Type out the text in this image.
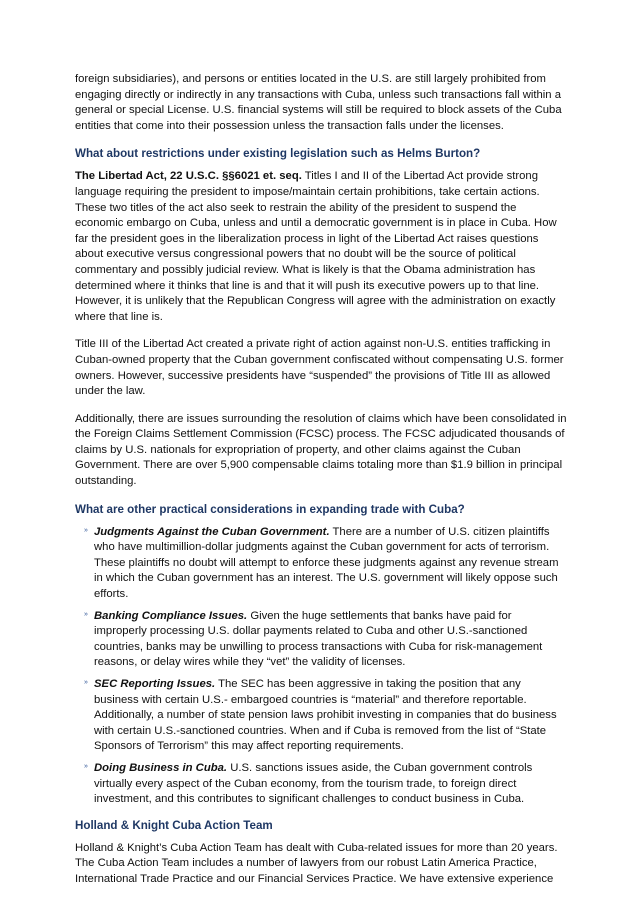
foreign subsidiaries), and persons or entities located in the U.S. are still largely prohibited from engaging directly or indirectly in any transactions with Cuba, unless such transactions fall within a general or special License. U.S. financial systems will still be required to block assets of the Cuba entities that come into their possession unless the transaction falls under the licenses.

What about restrictions under existing legislation such as Helms Burton?

The Libertad Act, 22 U.S.C. §§6021 et. seq. Titles I and II of the Libertad Act provide strong language requiring the president to impose/maintain certain prohibitions, take certain actions. These two titles of the act also seek to restrain the ability of the president to suspend the economic embargo on Cuba, unless and until a democratic government is in place in Cuba. How far the president goes in the liberalization process in light of the Libertad Act raises questions about executive versus congressional powers that no doubt will be the source of political commentary and possibly judicial review. What is likely is that the Obama administration has determined where it thinks that line is and that it will push its executive powers up to that line. However, it is unlikely that the Republican Congress will agree with the administration on exactly where that line is.

Title III of the Libertad Act created a private right of action against non-U.S. entities trafficking in Cuban-owned property that the Cuban government confiscated without compensating U.S. former owners. However, successive presidents have “suspended” the provisions of Title III as allowed under the law.

Additionally, there are issues surrounding the resolution of claims which have been consolidated in the Foreign Claims Settlement Commission (FCSC) process. The FCSC adjudicated thousands of claims by U.S. nationals for expropriation of property, and other claims against the Cuban Government. There are over 5,900 compensable claims totaling more than $1.9 billion in principal outstanding.

What are other practical considerations in expanding trade with Cuba?
» Judgments Against the Cuban Government. There are a number of U.S. citizen plaintiffs who have multimillion-dollar judgments against the Cuban government for acts of terrorism. These plaintiffs no doubt will attempt to enforce these judgments against any revenue stream in which the Cuban government has an interest. The U.S. government will likely oppose such efforts.
» Banking Compliance Issues. Given the huge settlements that banks have paid for improperly processing U.S. dollar payments related to Cuba and other U.S.-sanctioned countries, banks may be unwilling to process transactions with Cuba for risk-management reasons, or delay wires while they “vet” the validity of licenses.
» SEC Reporting Issues. The SEC has been aggressive in taking the position that any business with certain U.S.- embargoed countries is “material” and therefore reportable. Additionally, a number of state pension laws prohibit investing in companies that do business with certain U.S.-sanctioned countries. When and if Cuba is removed from the list of “State Sponsors of Terrorism” this may affect reporting requirements.
» Doing Business in Cuba. U.S. sanctions issues aside, the Cuban government controls virtually every aspect of the Cuban economy, from the tourism trade, to foreign direct investment, and this contributes to significant challenges to conduct business in Cuba.
Holland & Knight Cuba Action Team

Holland & Knight’s Cuba Action Team has dealt with Cuba-related issues for more than 20 years. The Cuba Action Team includes a number of lawyers from our robust Latin America Practice, International Trade Practice and our Financial Services Practice. We have extensive experience
